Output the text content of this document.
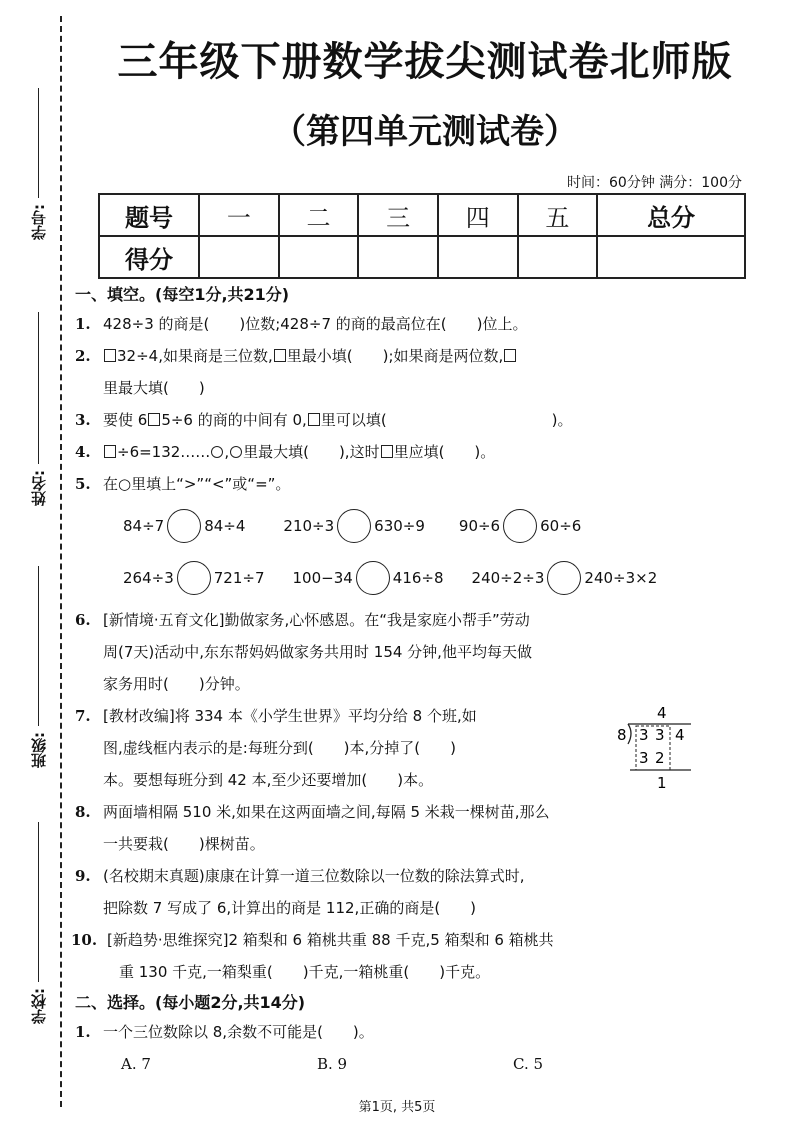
学号:
姓名:
班级:
学校:
三年级下册数学拔尖测试卷北师版
（第四单元测试卷）
时间：60分钟 满分：100分
题号	一	二	三	四	五	总分
得分						
一、填空。(每空1分,共21分)
1. 428÷3 的商是(　　)位数;428÷7 的商的最高位在(　　)位上。
2. 32÷4,如果商是三位数, 里最小填(　　);如果商是两位数,
里最大填(　　)
3. 要使 6 5÷6 的商的中间有 0, 里可以填(　　　　　　　　　　　)。
4. ÷6=132…… , 里最大填(　　),这时 里应填(　　)。
5. 在○里填上“>”“<”或“=”。
84÷7	84÷4	210÷3	630÷9 90÷6	60÷6
264÷3	721÷7 100−34	416÷8 240÷2÷3	240÷3×2
6. [新情境·五育文化]勤做家务,心怀感恩。在“我是家庭小帮手”劳动
周(7天)活动中,东东帮妈妈做家务共用时 154 分钟,他平均每天做
家务用时(　　)分钟。
7. [教材改编]将 334 本《小学生世界》平均分给 8 个班,如
图,虚线框内表示的是:每班分到(　　)本,分掉了(　　)
本。要想每班分到 42 本,至少还要增加(　　)本。
4
8 3 3 4
3 2
1
8. 两面墙相隔 510 米,如果在这两面墙之间,每隔 5 米栽一棵树苗,那么
一共要栽(　　)棵树苗。
9. (名校期末真题)康康在计算一道三位数除以一位数的除法算式时,
把除数 7 写成了 6,计算出的商是 112,正确的商是(　　)
10. [新趋势·思维探究]2 箱梨和 6 箱桃共重 88 千克,5 箱梨和 6 箱桃共
重 130 千克,一箱梨重(　　)千克,一箱桃重(　　)千克。
二、选择。(每小题2分,共14分)
1. 一个三位数除以 8,余数不可能是(　　)。
A. 7	B. 9	C. 5
第1页, 共5页
